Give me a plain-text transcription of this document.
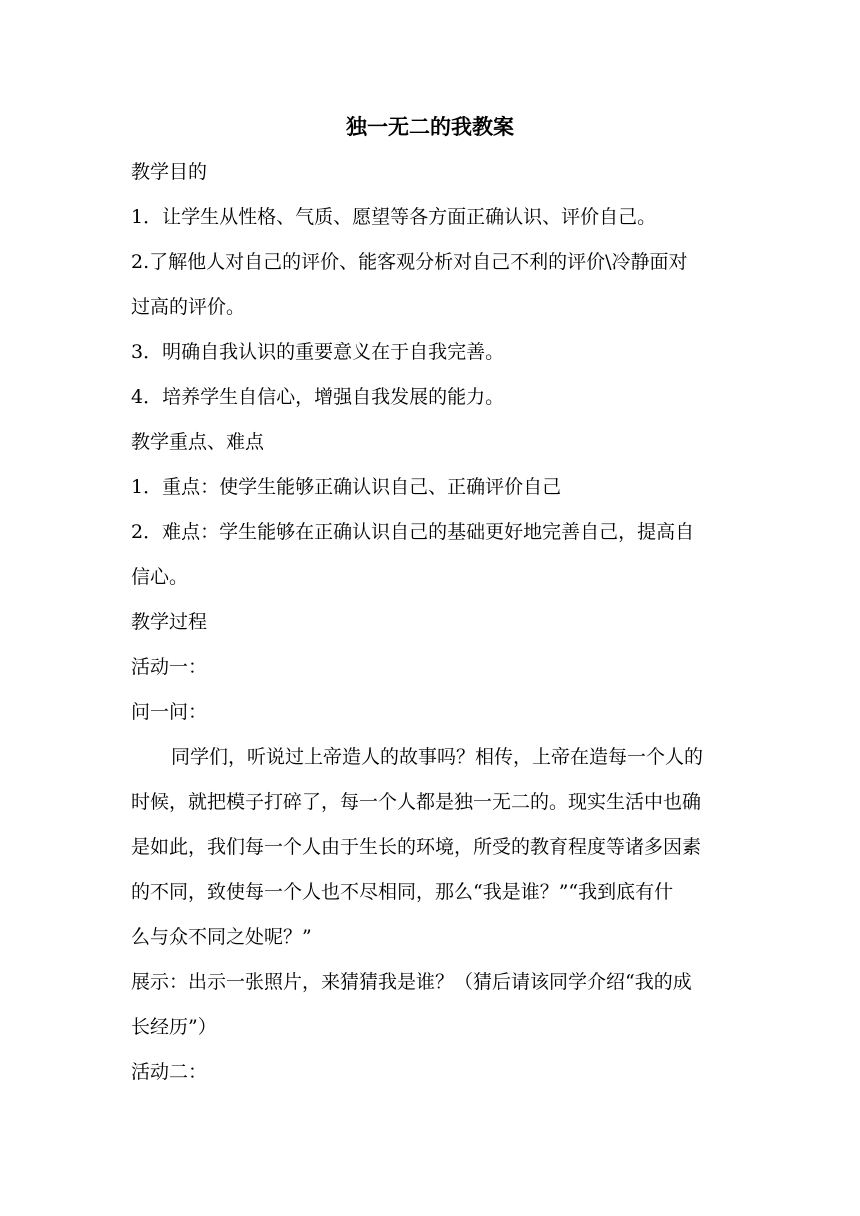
独一无二的我教案

教学目的

1．让学生从性格、气质、愿望等各方面正确认识、评价自己。

2.了解他人对自己的评价、能客观分析对自己不利的评价\冷静面对

过高的评价。

3．明确自我认识的重要意义在于自我完善。

4．培养学生自信心，增强自我发展的能力。

教学重点、难点

1．重点：使学生能够正确认识自己、正确评价自己

2．难点：学生能够在正确认识自己的基础更好地完善自己，提高自

信心。

教学过程

活动一：

问一问：

同学们，听说过上帝造人的故事吗？相传，上帝在造每一个人的

时候，就把模子打碎了，每一个人都是独一无二的。现实生活中也确

是如此，我们每一个人由于生长的环境，所受的教育程度等诸多因素

的不同，致使每一个人也不尽相同，那么“我是谁？”“我到底有什

么与众不同之处呢？”

展示：出示一张照片，来猜猜我是谁？（猜后请该同学介绍“我的成

长经历”）

活动二：
